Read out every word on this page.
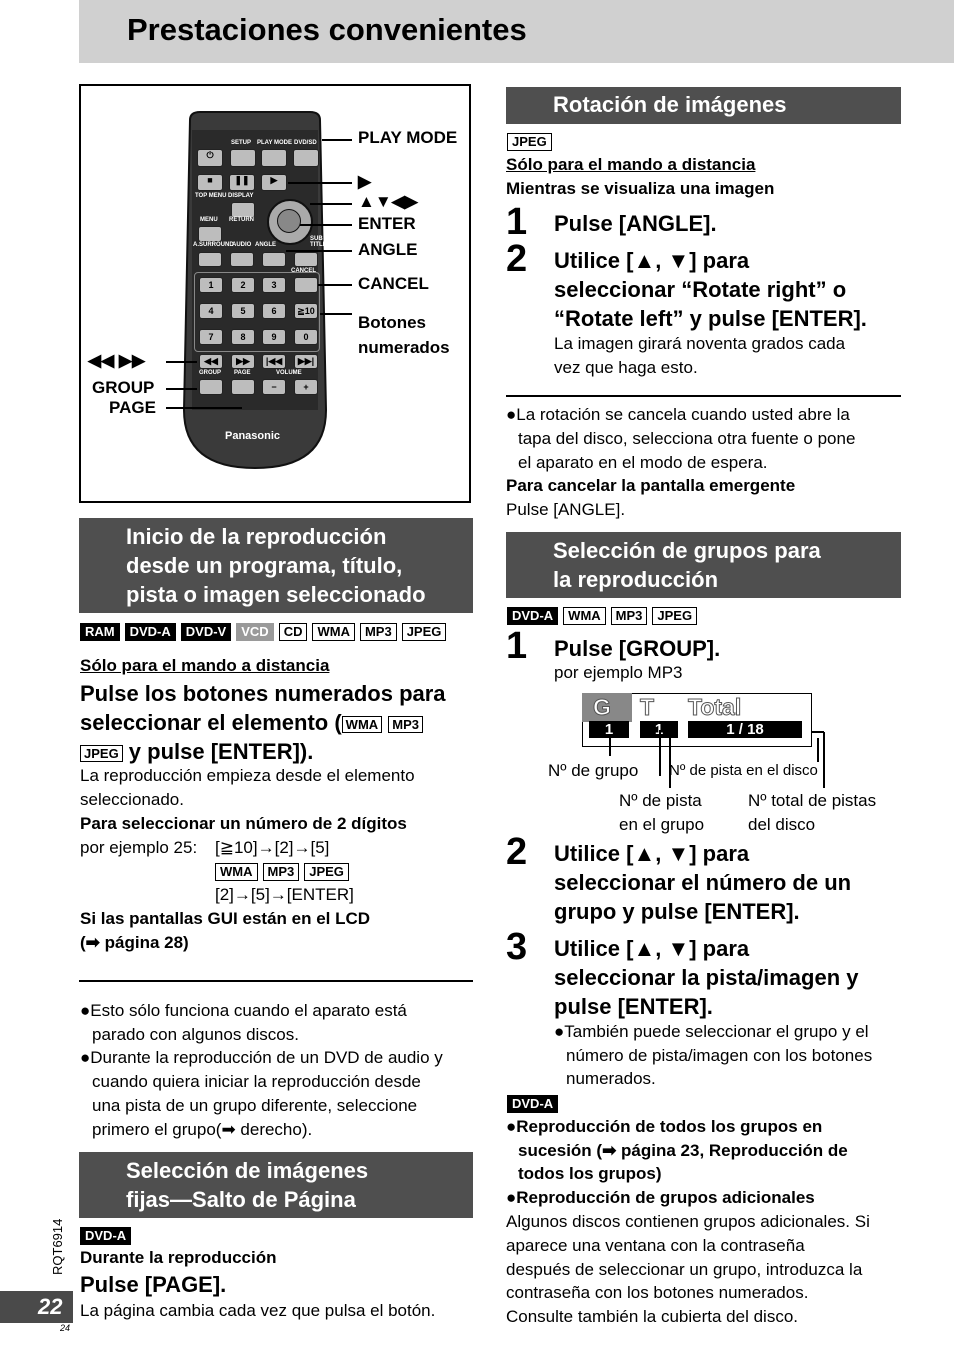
Prestaciones convenientes
SETUP PLAY MODE DVD/SD
⏻
■	❚❚	▶
TOP MENU DISPLAY
MENU RETURN
A.SURROUND
AUDIO ANGLE
SUB TITLE
CANCEL
1	2	3
4	5	6	≧10
7	8	9	0
◀◀	▶▶	|◀◀	▶▶|
GROUP PAGE	VOLUME
−	+
Panasonic
PLAY MODE
▶
▲▼◀▶
ENTER
ANGLE
CANCEL
Botones
numerados
◀◀ ▶▶
GROUP
PAGE
Inicio de la reproducción
desde un programa, título,
pista o imagen seleccionado
RAM	DVD-A	DVD-V	VCD	CD	WMA	MP3	JPEG
Sólo para el mando a distancia
Pulse los botones numerados para
seleccionar el elemento ( WMA MP3
JPEG y pulse [ENTER]).
La reproducción empieza desde el elemento
seleccionado.
Para seleccionar un número de 2 dígitos
por ejemplo 25: [≧10]→[2]→[5]
WMA	MP3	JPEG
[2]→[5]→[ENTER]
Si las pantallas GUI están en el LCD
(➡ página 28)
●Esto sólo funciona cuando el aparato está
parado con algunos discos.
●Durante la reproducción de un DVD de audio y
cuando quiera iniciar la reproducción desde
una pista de un grupo diferente, seleccione
primero el grupo(➡ derecho).
Selección de imágenes
fijas—Salto de Página
DVD-A
Durante la reproducción
Pulse [PAGE].
La página cambia cada vez que pulsa el botón.
Rotación de imágenes
JPEG
Sólo para el mando a distancia
Mientras se visualiza una imagen
1 Pulse [ANGLE].
2 Utilice [▲, ▼] para
seleccionar “Rotate right” o
“Rotate left” y pulse [ENTER].
La imagen girará noventa grados cada
vez que haga esto.
●La rotación se cancela cuando usted abre la
tapa del disco, selecciona otra fuente o pone
el aparato en el modo de espera.
Para cancelar la pantalla emergente
Pulse [ANGLE].
Selección de grupos para
la reproducción
DVD-A	WMA	MP3	JPEG
1 Pulse [GROUP].
por ejemplo MP3
G T Total
1	1	1 / 18
Nº de grupo Nº de pista en el disco
Nº de pista
en el grupo
Nº total de pistas
del disco
2 Utilice [▲, ▼] para
seleccionar el número de un
grupo y pulse [ENTER].
3 Utilice [▲, ▼] para
seleccionar la pista/imagen y
pulse [ENTER].
●También puede seleccionar el grupo y el
número de pista/imagen con los botones
numerados.
DVD-A
●Reproducción de todos los grupos en
sucesión (➡ página 23, Reproducción de
todos los grupos)
●Reproducción de grupos adicionales
Algunos discos contienen grupos adicionales. Si
aparece una ventana con la contraseña
después de seleccionar un grupo, introduzca la
contraseña con los botones numerados.
Consulte también la cubierta del disco.
RQT6914
22
24
